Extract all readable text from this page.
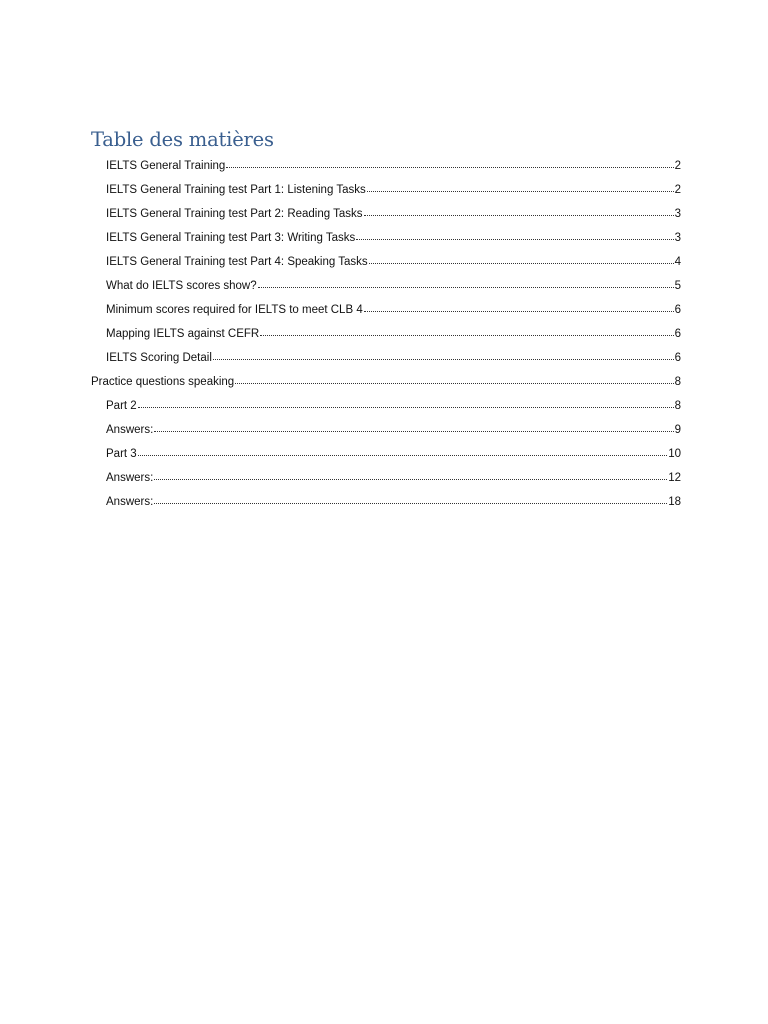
Table des matières
IELTS General Training	2
IELTS General Training test Part 1: Listening Tasks	2
IELTS General Training test Part 2: Reading Tasks	3
IELTS General Training test Part 3: Writing Tasks	3
IELTS General Training test Part 4: Speaking Tasks	4
What do IELTS scores show?	5
Minimum scores required for IELTS to meet CLB 4	6
Mapping IELTS against CEFR	6
IELTS Scoring Detail	6
Practice questions speaking	8
Part 2	8
Answers:	9
Part 3	10
Answers:	12
Answers:	18
